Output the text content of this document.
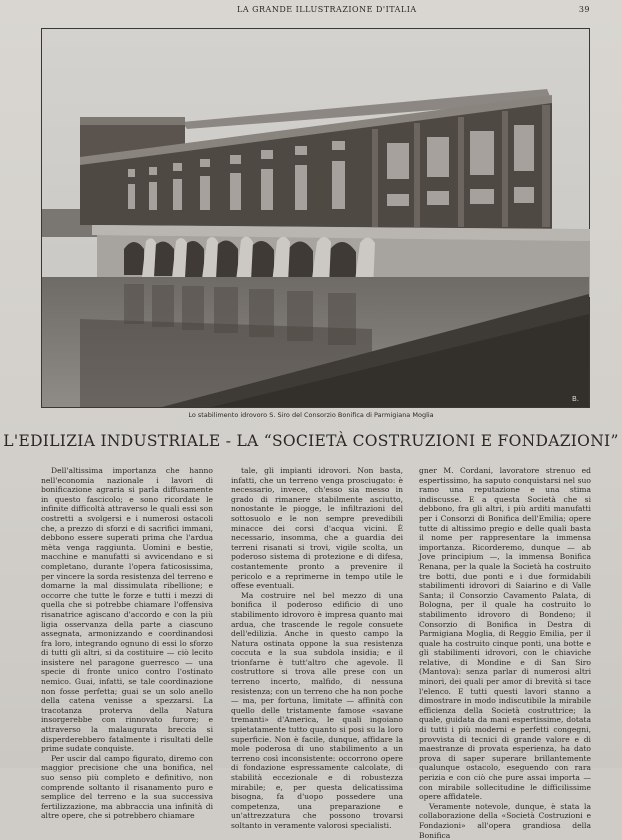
LA GRANDE ILLUSTRAZIONE D'ITALIA	39
B.
Lo stabilimento idrovoro S. Siro del Consorzio Bonifica di Parmigiana Moglia
L'EDILIZIA INDUSTRIALE - LA “SOCIETÀ COSTRUZIONI E FONDAZIONI”

Dell'altissima importanza che hanno nell'economia nazionale i lavori di bonificazione agraria si parla diffusamente in questo fascicolo; e sono ricordate le infinite difficoltà attraverso le quali essi son costretti a svolgersi e i numerosi ostacoli che, a prezzo di sforzi e di sacrifici immani, debbono essere superati prima che l'ardua mèta venga raggiunta. Uomini e bestie, macchine e manufatti si avvicendano e si completano, durante l'opera faticosissima, per vincere la sorda resistenza del terreno e domarne la mal dissimulata ribellione; e occorre che tutte le forze e tutti i mezzi di quella che si potrebbe chiamare l'offensiva risanatrice agiscano d'accordo e con la più ligia osservanza della parte a ciascuno assegnata, armonizzando e coordinandosi fra loro, integrando ognuno di essi lo sforzo di tutti gli altri, si da costituire — ciò lecito insistere nel paragone guerresco — una specie di fronte unico contro l'ostinato nemico. Guai, infatti, se tale coordinazione non fosse perfetta; guai se un solo anello della catena venisse a spezzarsi. La tracotanza proterva della Natura insorgerebbe con rinnovato furore; e attraverso la malaugurata breccia si disperderebbero fatalmente i risultati delle prime sudate conquiste.

Per uscir dal campo figurato, diremo con maggior precisione che una bonifica, nel suo senso più completo e definitivo, non comprende soltanto il risanamento puro e semplice del terreno e la sua successiva fertilizzazione, ma abbraccia una infinità di altre opere, che si potrebbero chiamare

tale, gli impianti idrovori. Non basta, infatti, che un terreno venga prosciugato: è necessario, invece, ch'esso sia messo in grado di rimanere stabilmente asciutto, nonostante le piogge, le infiltrazioni del sottosuolo e le non sempre prevedibili minacce dei corsi d'acqua vicini. È necessario, insomma, che a guardia dei terreni risanati si trovi, vigile scolta, un poderoso sistema di protezione e di difesa, costantemente pronto a prevenire il pericolo e a reprimerne in tempo utile le offese eventuali.

Ma costruire nel bel mezzo di una bonifica il poderoso edificio di uno stabilimento idrovoro è impresa quanto mai ardua, che trascende le regole consuete dell'edilizia. Anche in questo campo la Natura ostinata oppone la sua resistenza coccuta e la sua subdola insidia; e il trionfarne è tutt'altro che agevole. Il costruttore si trova alle prese con un terreno incerto, malfido, di nessuna resistenza; con un terreno che ha non poche — ma, per fortuna, limitate — affinità con quello delle tristamente famose «savane tremanti» d'America, le quali ingoiano spietatamente tutto quanto si posi su la loro superficie. Non è facile, dunque, affidare la mole poderosa di uno stabilimento a un terreno così inconsistente: occorrono opere di fondazione espressamente calcolate, di stabilità eccezionale e di robustezza mirabile; e, per questa delicatissima bisogna, fa d'uopo possedere una competenza, una preparazione e un'attrezzatura che possono trovarsi soltanto in veramente valorosi specialisti.

gner M. Cordani, lavoratore strenuo ed espertissimo, ha saputo conquistarsi nel suo ramo una reputazione e una stima indiscusse. E a questa Società che si debbono, fra gli altri, i più arditi manufatti per i Consorzi di Bonifica dell'Emilia; opere tutte di altissimo pregio e delle quali basta il nome per rappresentare la immensa importanza. Ricorderemo, dunque — ab Jove principium —, la immensa Bonifica Renana, per la quale la Società ha costruito tre botti, due ponti e i due formidabili stabilimenti idrovori di Saiarino e di Valle Santa; il Consorzio Cavamento Palata, di Bologna, per il quale ha costruito lo stabilimento idrovoro di Bondeno; il Consorzio di Bonifica in Destra di Parmigiana Moglia, di Reggio Emilia, per il quale ha costruito cinque ponti, una botte e gli stabilimenti idrovori, con le chiaviche relative, di Mondine e di San Siro (Mantova): senza parlar di numerosi altri minori, dei quali per amor di brevità si tace l'elenco. E tutti questi lavori stanno a dimostrare in modo indiscutibile la mirabile efficienza della Società costruttrice; la quale, guidata da mani espertissime, dotata di tutti i più moderni e perfetti congegni, provvista di tecnici di grande valore e di maestranze di provata esperienza, ha dato prova di saper superare brillantemente qualunque ostacolo, eseguendo con rara perizia e con ciò che pure assai importa — con mirabile sollecitudine le difficilissime opere affidatele.

Veramente notevole, dunque, è stata la collaborazione della «Società Costruzioni e Fondazioni» all'opera grandiosa della Bonifica
